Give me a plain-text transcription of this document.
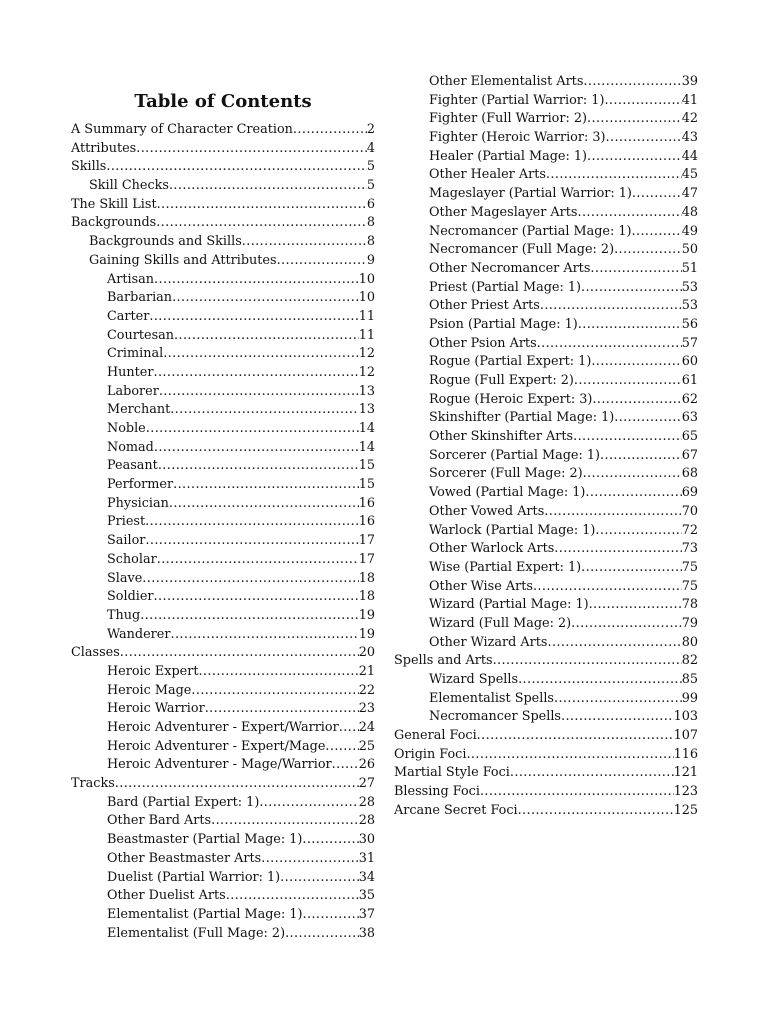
Table of Contents
A Summary of Character Creation .....	2
Attributes .....	4
Skills .....	5
Skill Checks .....	5
The Skill List .....	6
Backgrounds .....	8
Backgrounds and Skills .....	8
Gaining Skills and Attributes .....	9
Artisan .....	10
Barbarian .....	10
Carter .....	11
Courtesan .....	11
Criminal .....	12
Hunter .....	12
Laborer .....	13
Merchant .....	13
Noble .....	14
Nomad .....	14
Peasant .....	15
Performer .....	15
Physician .....	16
Priest .....	16
Sailor .....	17
Scholar .....	17
Slave .....	18
Soldier .....	18
Thug .....	19
Wanderer .....	19
Classes .....	20
Heroic Expert .....	21
Heroic Mage .....	22
Heroic Warrior .....	23
Heroic Adventurer - Expert/Warrior ..... 24
Heroic Adventurer - Expert/Mage .....	25
Heroic Adventurer - Mage/Warrior ..... 26
Tracks .....	27
Bard (Partial Expert: 1) .....	28
Other Bard Arts .....	28
Beastmaster (Partial Mage: 1) .....	30
Other Beastmaster Arts .....	31
Duelist (Partial Warrior: 1) .....	34
Other Duelist Arts .....	35
Elementalist (Partial Mage: 1) .....	37
Elementalist (Full Mage: 2) .....	38
Other Elementalist Arts .....	39
Fighter (Partial Warrior: 1) .....	41
Fighter (Full Warrior: 2) .....	42
Fighter (Heroic Warrior: 3) .....	43
Healer (Partial Mage: 1) .....	44
Other Healer Arts .....	45
Mageslayer (Partial Warrior: 1) .....	47
Other Mageslayer Arts .....	48
Necromancer (Partial Mage: 1) .....	49
Necromancer (Full Mage: 2) .....	50
Other Necromancer Arts .....	51
Priest (Partial Mage: 1) .....	53
Other Priest Arts .....	53
Psion (Partial Mage: 1) .....	56
Other Psion Arts .....	57
Rogue (Partial Expert: 1) .....	60
Rogue (Full Expert: 2) .....	61
Rogue (Heroic Expert: 3) .....	62
Skinshifter (Partial Mage: 1) .....	63
Other Skinshifter Arts .....	65
Sorcerer (Partial Mage: 1) .....	67
Sorcerer (Full Mage: 2) .....	68
Vowed (Partial Mage: 1) .....	69
Other Vowed Arts .....	70
Warlock (Partial Mage: 1) .....	72
Other Warlock Arts .....	73
Wise (Partial Expert: 1) .....	75
Other Wise Arts .....	75
Wizard (Partial Mage: 1) .....	78
Wizard (Full Mage: 2) .....	79
Other Wizard Arts .....	80
Spells and Arts .....	82
Wizard Spells .....	85
Elementalist Spells .....	99
Necromancer Spells .....	103
General Foci .....	107
Origin Foci .....	116
Martial Style Foci .....	121
Blessing Foci .....	123
Arcane Secret Foci .....	125
